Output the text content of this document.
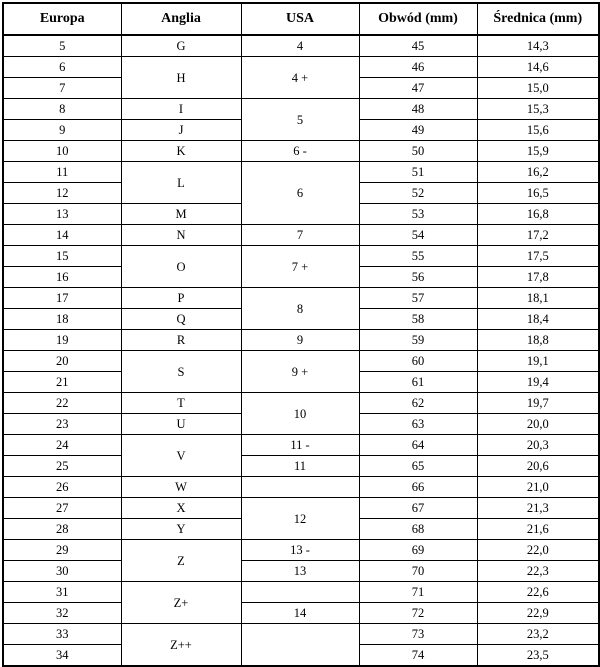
Europa	Anglia	USA	Obwód (mm)	Średnica (mm)
5	G	4	45	14,3
6	H	4 +	46	14,6
7			47	15,0
8	I	5	48	15,3
9	J		49	15,6
10	K	6 -	50	15,9
11	L	6	51	16,2
12			52	16,5
13	M		53	16,8
14	N	7	54	17,2
15	O	7 +	55	17,5
16			56	17,8
17	P	8	57	18,1
18	Q		58	18,4
19	R	9	59	18,8
20	S	9 +	60	19,1
21			61	19,4
22	T	10	62	19,7
23	U		63	20,0
24	V	11 -	64	20,3
25		11	65	20,6
26	W		66	21,0
27	X	12	67	21,3
28	Y		68	21,6
29	Z	13 -	69	22,0
30		13	70	22,3
31	Z+		71	22,6
32		14	72	22,9
33	Z++		73	23,2
34			74	23,5
